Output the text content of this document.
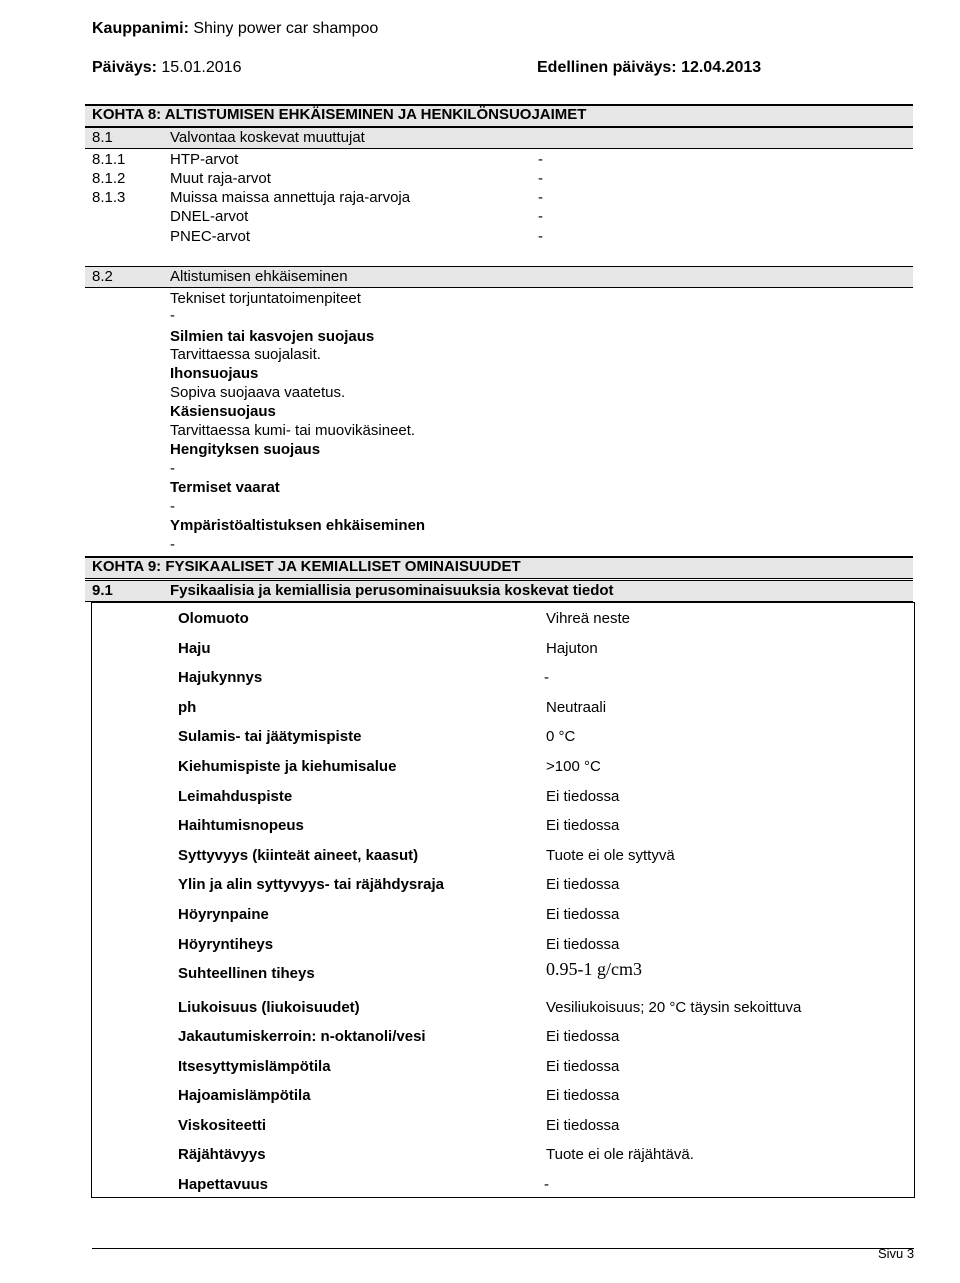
Kauppanimi: Shiny power car shampoo
Päiväys: 15.01.2016	Edellinen päiväys: 12.04.2013
KOHTA 8: ALTISTUMISEN EHKÄISEMINEN JA HENKILÖNSUOJAIMET
8.1	Valvontaa koskevat muuttujat
8.1.1	HTP-arvot	-
8.1.2	Muut raja-arvot	-
8.1.3	Muissa maissa annettuja raja-arvoja	-
DNEL-arvot	-
PNEC-arvot	-
8.2	Altistumisen ehkäiseminen
Tekniset torjuntatoimenpiteet
-
Silmien tai kasvojen suojaus
Tarvittaessa suojalasit.
Ihonsuojaus
Sopiva suojaava vaatetus.
Käsiensuojaus
Tarvittaessa kumi- tai muovikäsineet.
Hengityksen suojaus
-
Termiset vaarat
-
Ympäristöaltistuksen ehkäiseminen
-
KOHTA 9: FYSIKAALISET JA KEMIALLISET OMINAISUUDET
9.1	Fysikaalisia ja kemiallisia perusominaisuuksia koskevat tiedot
Olomuoto	Vihreä neste
Haju	Hajuton
Hajukynnys	-
ph	Neutraali
Sulamis- tai jäätymispiste	0 °C
Kiehumispiste ja kiehumisalue	>100 °C
Leimahduspiste	Ei tiedossa
Haihtumisnopeus	Ei tiedossa
Syttyvyys (kiinteät aineet, kaasut)	Tuote ei ole syttyvä
Ylin ja alin syttyvyys- tai räjähdysraja	Ei tiedossa
Höyrynpaine	Ei tiedossa
Höyryntiheys	Ei tiedossa
Suhteellinen tiheys	0.95-1 g/cm3
Liukoisuus (liukoisuudet)	Vesiliukoisuus; 20 °C täysin sekoittuva
Jakautumiskerroin: n-oktanoli/vesi	Ei tiedossa
Itsesyttymislämpötila	Ei tiedossa
Hajoamislämpötila	Ei tiedossa
Viskositeetti	Ei tiedossa
Räjähtävyys	Tuote ei ole räjähtävä.
Hapettavuus	-
Sivu 3
